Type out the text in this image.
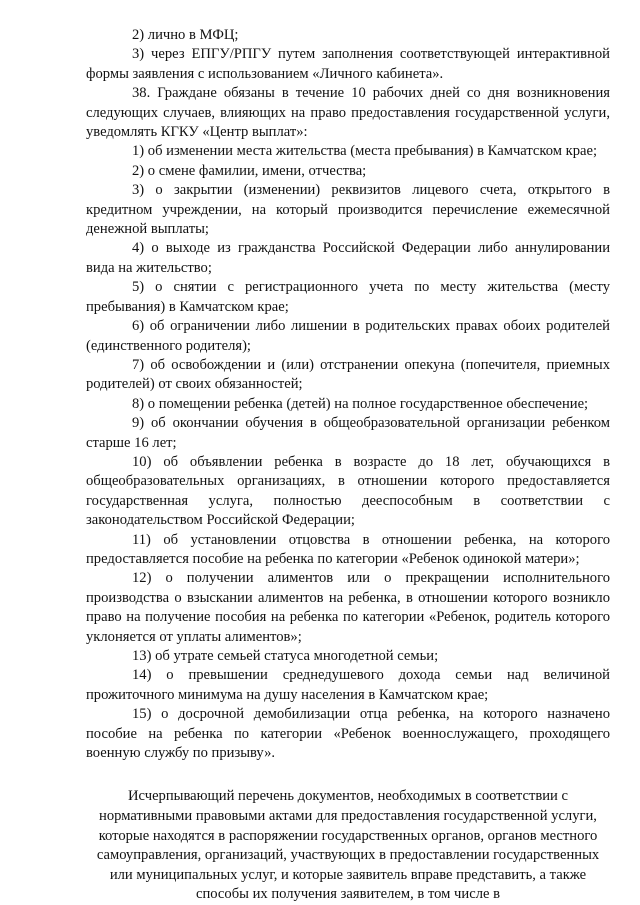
2) лично в МФЦ;

3) через ЕПГУ/РПГУ путем заполнения соответствующей интерактивной формы заявления с использованием «Личного кабинета».

38. Граждане обязаны в течение 10 рабочих дней со дня возникновения следующих случаев, влияющих на право предоставления государственной услуги, уведомлять КГКУ «Центр выплат»:

1) об изменении места жительства (места пребывания) в Камчатском крае;

2) о смене фамилии, имени, отчества;

3) о закрытии (изменении) реквизитов лицевого счета, открытого в кредитном учреждении, на который производится перечисление ежемесячной денежной выплаты;

4) о выходе из гражданства Российской Федерации либо аннулировании вида на жительство;

5) о снятии с регистрационного учета по месту жительства (месту пребывания) в Камчатском крае;

6) об ограничении либо лишении в родительских правах обоих родителей (единственного родителя);

7) об освобождении и (или) отстранении опекуна (попечителя, приемных родителей) от своих обязанностей;

8) о помещении ребенка (детей) на полное государственное обеспечение;

9) об окончании обучения в общеобразовательной организации ребенком старше 16 лет;

10) об объявлении ребенка в возрасте до 18 лет, обучающихся в общеобразовательных организациях, в отношении которого предоставляется государственная услуга, полностью дееспособным в соответствии с законодательством Российской Федерации;

11) об установлении отцовства в отношении ребенка, на которого предоставляется пособие на ребенка по категории «Ребенок одинокой матери»;

12) о получении алиментов или о прекращении исполнительного производства о взыскании алиментов на ребенка, в отношении которого возникло право на получение пособия на ребенка по категории «Ребенок, родитель которого уклоняется от уплаты алиментов»;

13) об утрате семьей статуса многодетной семьи;

14) о превышении среднедушевого дохода семьи над величиной прожиточного минимума на душу населения в Камчатском крае;

15) о досрочной демобилизации отца ребенка, на которого назначено пособие на ребенка по категории «Ребенок военнослужащего, проходящего военную службу по призыву».

Исчерпывающий перечень документов, необходимых в соответствии с нормативными правовыми актами для предоставления государственной услуги, которые находятся в распоряжении государственных органов, органов местного самоуправления, организаций, участвующих в предоставлении государственных или муниципальных услуг, и которые заявитель вправе представить, а также способы их получения заявителем, в том числе в
